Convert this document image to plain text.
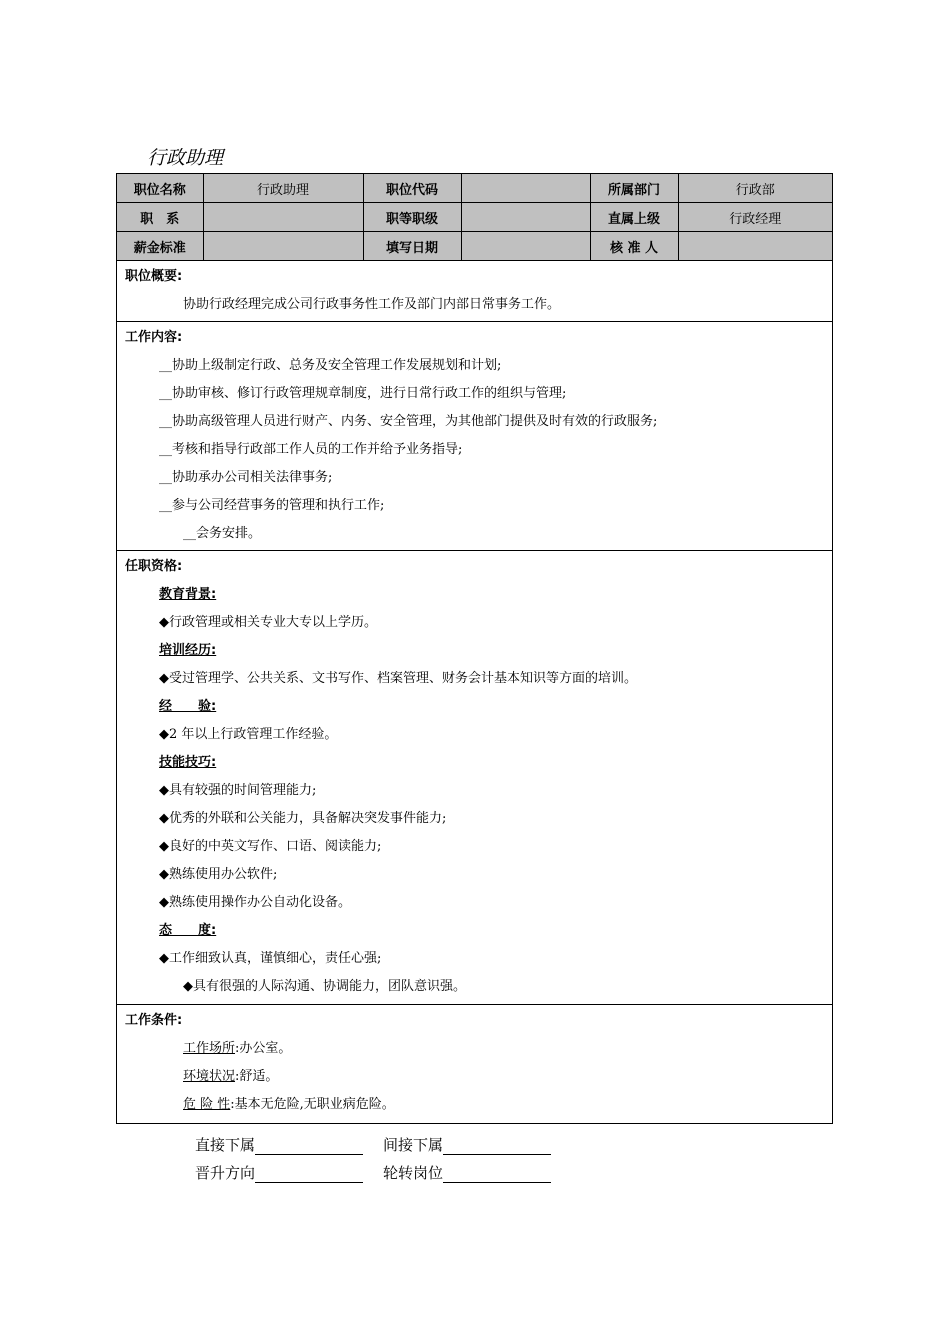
行政助理
职位名称	行政助理	职位代码		所属部门	行政部
职　系		职等职级		直属上级	行政经理
薪金标准		填写日期		核 准 人	
职位概要:
协助行政经理完成公司行政事务性工作及部门内部日常事务工作。
工作内容:
__协助上级制定行政、总务及安全管理工作发展规划和计划;
__协助审核、修订行政管理规章制度，进行日常行政工作的组织与管理;
__协助高级管理人员进行财产、内务、安全管理，为其他部门提供及时有效的行政服务;
__考核和指导行政部工作人员的工作并给予业务指导;
__协助承办公司相关法律事务;
__参与公司经营事务的管理和执行工作;
__会务安排。
任职资格:
教育背景:
◆行政管理或相关专业大专以上学历。
培训经历:
◆受过管理学、公共关系、文书写作、档案管理、财务会计基本知识等方面的培训。
经　　验:
◆2 年以上行政管理工作经验。
技能技巧:
◆具有较强的时间管理能力;
◆优秀的外联和公关能力，具备解决突发事件能力;
◆良好的中英文写作、口语、阅读能力;
◆熟练使用办公软件;
◆熟练使用操作办公自动化设备。
态　　度:
◆工作细致认真，谨慎细心，责任心强;
◆具有很强的人际沟通、协调能力，团队意识强。
工作条件:
工作场所:办公室。
环境状况:舒适。
危 险 性:基本无危险,无职业病危险。
直接下属	间接下属
晋升方向	轮转岗位
